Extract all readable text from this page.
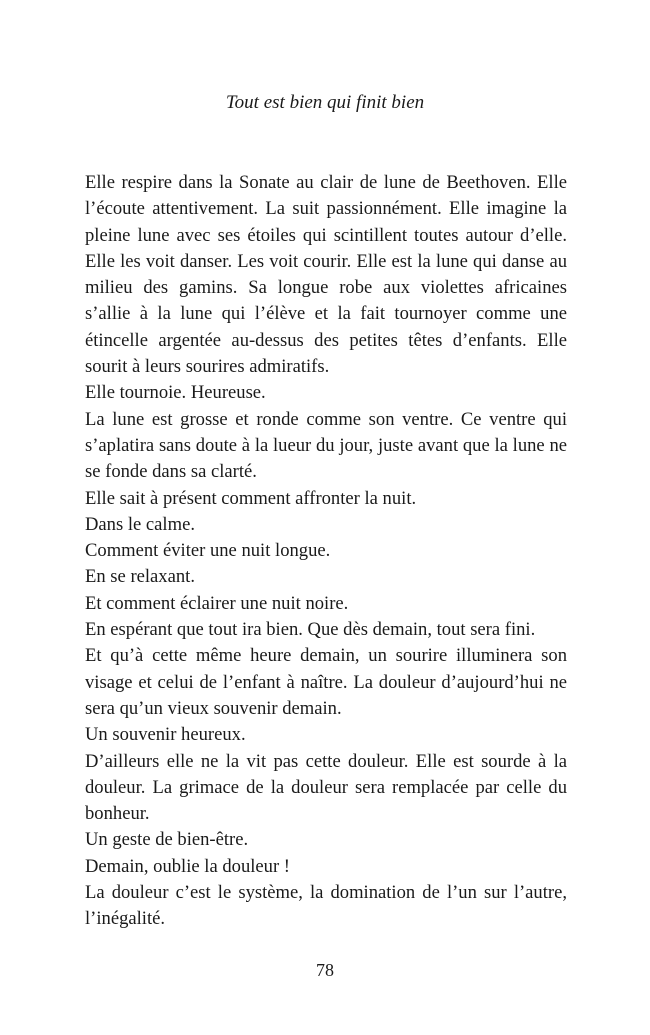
Tout est bien qui finit bien

Elle respire dans la Sonate au clair de lune de Beethoven. Elle l’écoute attentivement. La suit passionnément. Elle imagine la pleine lune avec ses étoiles qui scintillent toutes autour d’elle. Elle les voit danser. Les voit courir. Elle est la lune qui danse au milieu des gamins. Sa longue robe aux violettes africaines s’allie à la lune qui l’élève et la fait tournoyer comme une étincelle argentée au-dessus des petites têtes d’enfants. Elle sourit à leurs sourires admiratifs.

Elle tournoie. Heureuse.

La lune est grosse et ronde comme son ventre. Ce ventre qui s’aplatira sans doute à la lueur du jour, juste avant que la lune ne se fonde dans sa clarté.

Elle sait à présent comment affronter la nuit.

Dans le calme.

Comment éviter une nuit longue.

En se relaxant.

Et comment éclairer une nuit noire.

En espérant que tout ira bien. Que dès demain, tout sera fini.

Et qu’à cette même heure demain, un sourire illuminera son visage et celui de l’enfant à naître. La douleur d’aujourd’hui ne sera qu’un vieux souvenir demain.

Un souvenir heureux.

D’ailleurs elle ne la vit pas cette douleur. Elle est sourde à la douleur. La grimace de la douleur sera remplacée par celle du bonheur.

Un geste de bien-être.

Demain, oublie la douleur !

La douleur c’est le système, la domination de l’un sur l’autre, l’inégalité.

78
